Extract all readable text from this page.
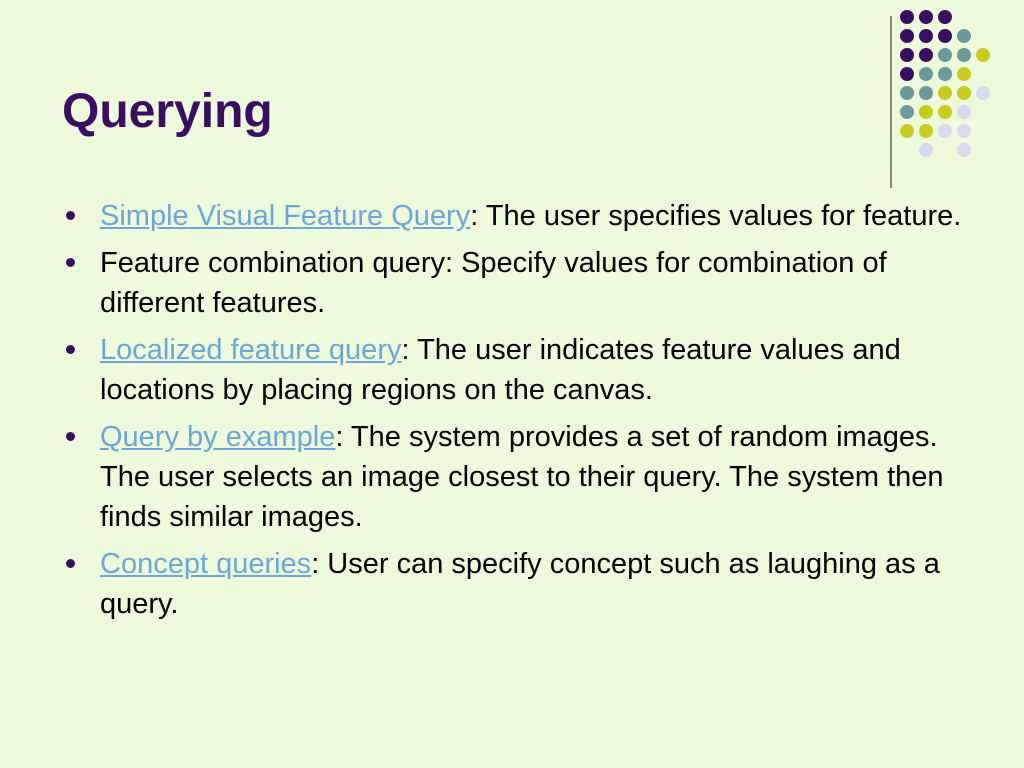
Querying
Simple Visual Feature Query: The user specifies values for feature.
Feature combination query: Specify values for combination of different features.
Localized feature query: The user indicates feature values and locations by placing regions on the canvas.
Query by example: The system provides a set of random images. The user selects an image closest to their query. The system then finds similar images.
Concept queries: User can specify concept such as laughing as a query.
